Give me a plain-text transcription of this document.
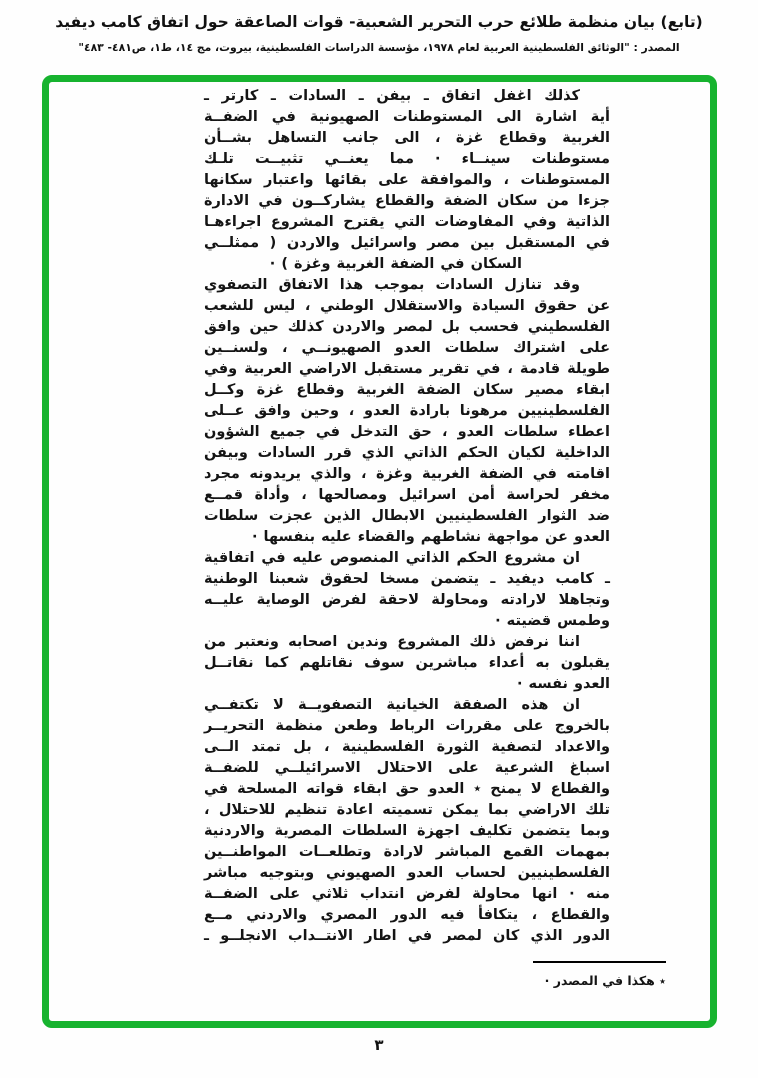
(تابع) بيان منظمة طلائع حرب التحرير الشعبية- قوات الصاعقة حول اتفاق كامب ديفيد
المصدر : "الوثائق الفلسطينية العربية لعام ١٩٧٨، مؤسسة الدراسات الفلسطينية، بيروت، مج ١٤، ط١، ص٤٨١- ٤٨٣"
كذلك اغفل اتفاق ـ بيفن ـ السادات ـ كارتر ـ
أية اشارة الى المستوطنات الصهيونية في الضفــة
الغربية وقطاع غزة ، الى جانب التساهل بشــأن
مستوطنات سينــاء · مما يعنــي تثبيــت تلـك
المستوطنات ، والموافقة على بقائها واعتبار سكانها
جزءا من سكان الضفة والقطاع يشاركــون في الادارة
الذاتية وفي المفاوضات التي يقترح المشروع اجراءهـا
في المستقبل بين مصر واسرائيل والاردن ( ممثلــي
السكان في الضفة الغربية وغزة ) ·
وقد تنازل السادات بموجب هذا الاتفاق التصفوي
عن حقوق السيادة والاستقلال الوطني ، ليس للشعب
الفلسطيني فحسب بل لمصر والاردن كذلك حين وافق
على اشتراك سلطات العدو الصهيونــي ، ولسنــين
طويلة قادمة ، في تقرير مستقبل الاراضي العربية وفي
ابقاء مصير سكان الضفة الغربية وقطاع غزة وكــل
الفلسطينيين مرهونا بارادة العدو ، وحين وافق عــلى
اعطاء سلطات العدو ، حق التدخل في جميع الشؤون
الداخلية لكيان الحكم الذاتي الذي قرر السادات وبيفن
اقامته في الضفة الغربية وغزة ، والذي يريدونه مجرد
مخفر لحراسة أمن اسرائيل ومصالحها ، وأداة قمــع
ضد الثوار الفلسطينيين الابطال الذين عجزت سلطات
العدو عن مواجهة نشاطهم والقضاء عليه بنفسها ·
ان مشروع الحكم الذاتي المنصوص عليه في اتفاقية
ـ كامب ديفيد ـ يتضمن مسخا لحقوق شعبنا الوطنية
وتجاهلا لارادته ومحاولة لاحقة لفرض الوصاية عليــه
وطمس قضيته ·
اننا نرفض ذلك المشروع وندين اصحابه ونعتبر من
يقبلون به أعداء مباشرين سوف نقاتلهم كما نقاتــل
العدو نفسه ·
ان هذه الصفقة الخيانية التصفويــة لا تكتفــي
بالخروج على مقررات الرباط وطعن منظمة التحريــر
والاعداد لتصفية الثورة الفلسطينية ، بل تمتد الــى
اسباغ الشرعية على الاحتلال الاسرائيلــي للضفــة
والقطاع لا يمنح ٭ العدو حق ابقاء قواته المسلحة في
تلك الاراضي بما يمكن تسميته اعادة تنظيم للاحتلال ،
وبما يتضمن تكليف اجهزة السلطات المصرية والاردنية
بمهمات القمع المباشر لارادة وتطلعــات المواطنــين
الفلسطينيين لحساب العدو الصهيوني وبتوجيه مباشر
منه · انها محاولة لفرض انتداب ثلاثي على الضفــة
والقطاع ، يتكافأ فيه الدور المصري والاردني مــع
الدور الذي كان لمصر في اطار الانتــداب الانجلــو ـ
٭ هكذا في المصدر ·
٣
